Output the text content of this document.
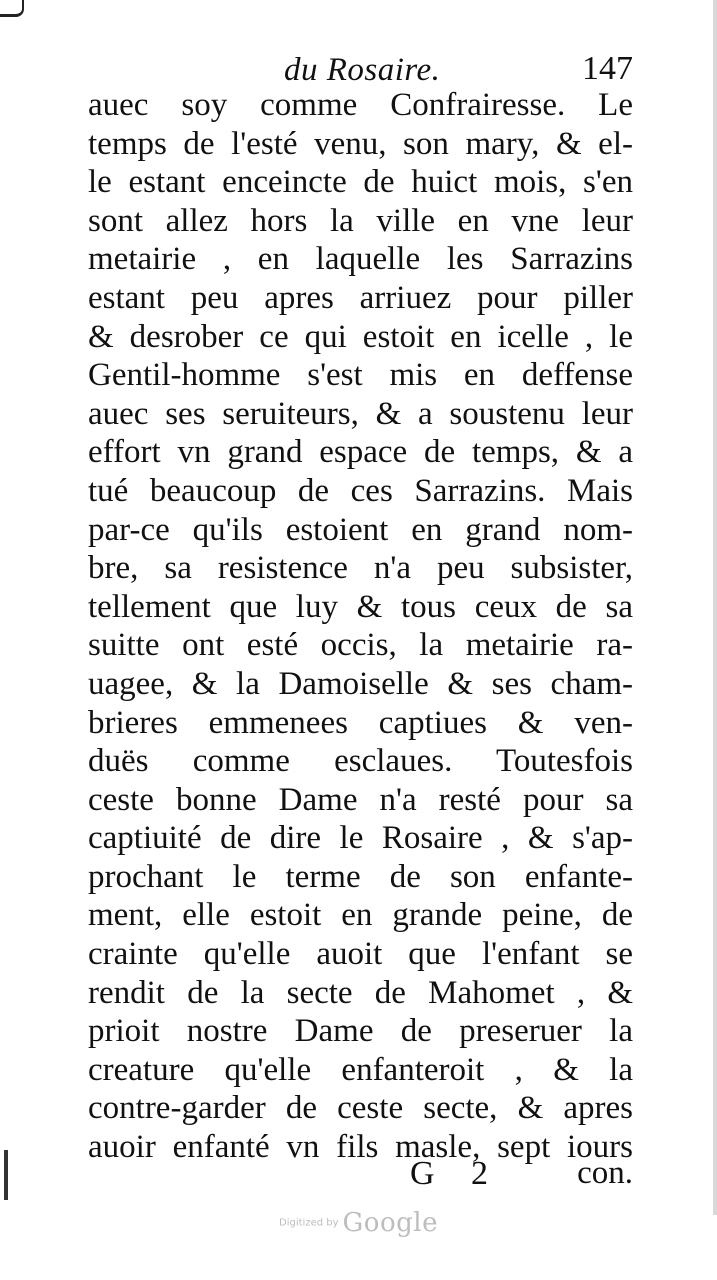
du Rosaire.	147
auec soy comme Confrairesse. Le
temps de l'esté venu, son mary, & el-
le estant enceincte de huict mois, s'en
sont allez hors la ville en vne leur
metairie , en laquelle les Sarrazins
estant peu apres arriuez pour piller
& desrober ce qui estoit en icelle , le
Gentil-homme s'est mis en deffense
auec ses seruiteurs, & a soustenu leur
effort vn grand espace de temps, & a
tué beaucoup de ces Sarrazins. Mais
par-ce qu'ils estoient en grand nom-
bre, sa resistence n'a peu subsister,
tellement que luy & tous ceux de sa
suitte ont esté occis, la metairie ra-
uagee, & la Damoiselle & ses cham-
brieres emmenees captiues & ven-
duës comme esclaues. Toutesfois
ceste bonne Dame n'a resté pour sa
captiuité de dire le Rosaire , & s'ap-
prochant le terme de son enfante-
ment, elle estoit en grande peine, de
crainte qu'elle auoit que l'enfant se
rendit de la secte de Mahomet , &
prioit nostre Dame de preseruer la
creature qu'elle enfanteroit , & la
contre-garder de ceste secte, & apres
auoir enfanté vn fils masle, sept iours
G 2 con.
Digitized by Google
